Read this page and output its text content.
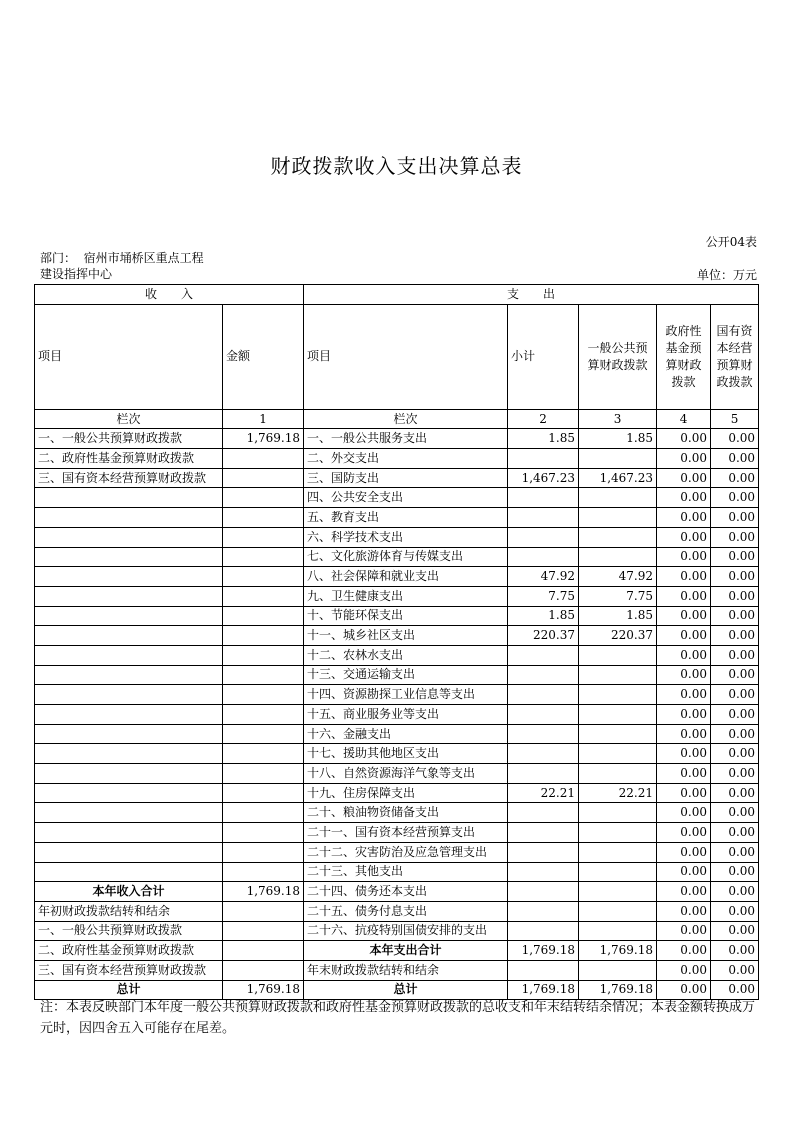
财政拨款收入支出决算总表
公开04表
部门： 宿州市埇桥区重点工程
建设指挥中心	单位：万元
收　　入		支　　出				
项目	金额	项目	小计	一般公共预算财政拨款	政府性基金预算财政拨款	国有资本经营预算财政拨款
栏次	1	栏次	2	3	4	5
一、一般公共预算财政拨款	1,769.18	一、一般公共服务支出	1.85	1.85	0.00	0.00
二、政府性基金预算财政拨款		二、外交支出			0.00	0.00
三、国有资本经营预算财政拨款		三、国防支出	1,467.23	1,467.23	0.00	0.00
		四、公共安全支出			0.00	0.00
		五、教育支出			0.00	0.00
		六、科学技术支出			0.00	0.00
		七、文化旅游体育与传媒支出			0.00	0.00
		八、社会保障和就业支出	47.92	47.92	0.00	0.00
		九、卫生健康支出	7.75	7.75	0.00	0.00
		十、节能环保支出	1.85	1.85	0.00	0.00
		十一、城乡社区支出	220.37	220.37	0.00	0.00
		十二、农林水支出			0.00	0.00
		十三、交通运输支出			0.00	0.00
		十四、资源勘探工业信息等支出			0.00	0.00
		十五、商业服务业等支出			0.00	0.00
		十六、金融支出			0.00	0.00
		十七、援助其他地区支出			0.00	0.00
		十八、自然资源海洋气象等支出			0.00	0.00
		十九、住房保障支出	22.21	22.21	0.00	0.00
		二十、粮油物资储备支出			0.00	0.00
		二十一、国有资本经营预算支出			0.00	0.00
		二十二、灾害防治及应急管理支出			0.00	0.00
		二十三、其他支出			0.00	0.00
本年收入合计	1,769.18	二十四、债务还本支出			0.00	0.00
年初财政拨款结转和结余		二十五、债务付息支出			0.00	0.00
一、一般公共预算财政拨款		二十六、抗疫特别国债安排的支出			0.00	0.00
二、政府性基金预算财政拨款		本年支出合计	1,769.18	1,769.18	0.00	0.00
三、国有资本经营预算财政拨款		年末财政拨款结转和结余			0.00	0.00
总计	1,769.18	总计	1,769.18	1,769.18	0.00	0.00
注：本表反映部门本年度一般公共预算财政拨款和政府性基金预算财政拨款的总收支和年末结转结余情况；本表金额转换成万元时，因四舍五入可能存在尾差。
